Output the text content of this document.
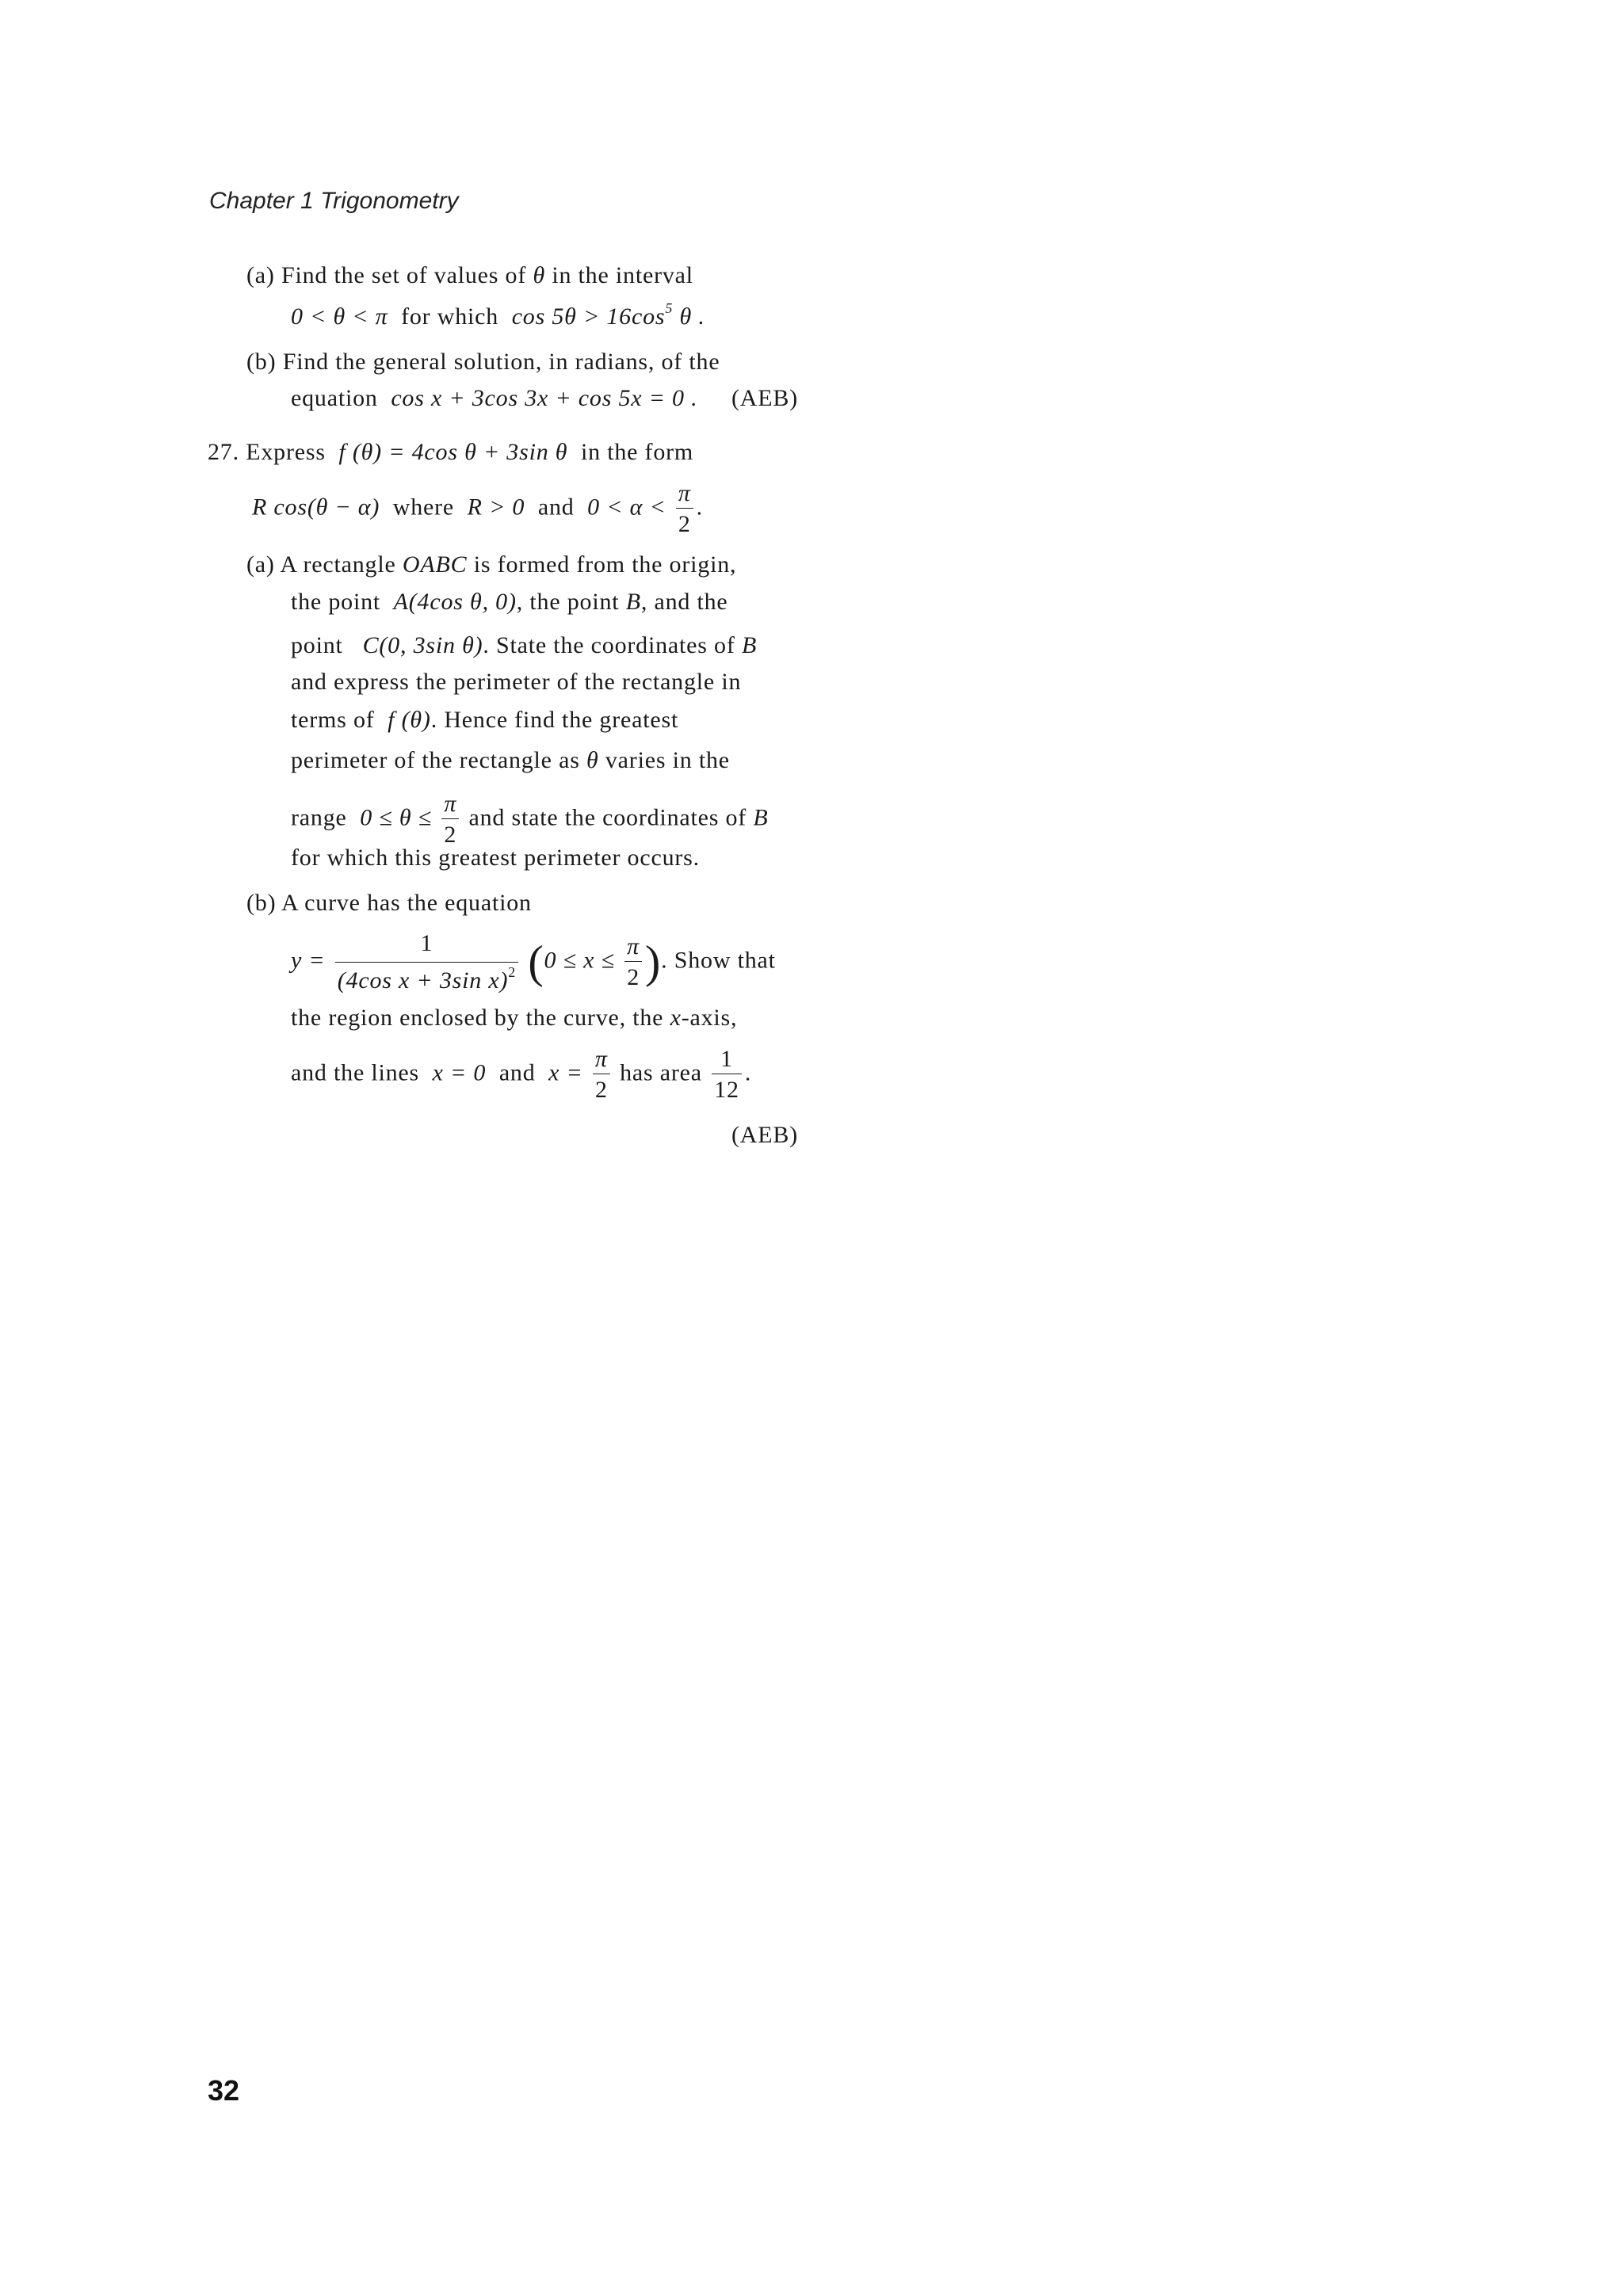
Chapter 1 Trigonometry
(a) Find the set of values of θ in the interval
0 < θ < π for which $\cos 5\theta > 16\cos^5$ θ .
(b) Find the general solution, in radians, of the
equation cos x + 3cos 3x + cos 5x = 0 . (AEB)
27. Express f (θ) = 4cos θ + 3sin θ in the form
R cos(θ − α) where R > 0 and $0 < \alpha < \frac{\pi}{2}$ .
(a) A rectangle OABC is formed from the origin,
the point A(4cos θ, 0), the point B, and the
point C(0, 3sin θ). State the coordinates of B
and express the perimeter of the rectangle in
terms of f (θ). Hence find the greatest
perimeter of the rectangle as θ varies in the
range $0 \le \theta \le \frac{\pi}{2}$ and state the coordinates of B
for which this greatest perimeter occurs.
(b) A curve has the equation
$y = \frac{1}{(4\cos x + 3\sin x)^2} (0 \le x \le \frac{\pi}{2}$ ). Show that
the region enclosed by the curve, the x-axis,
and the lines x = 0 and $x = \frac{\pi}{2}$ has area $\frac{1}{12}$ .
(AEB)
32
